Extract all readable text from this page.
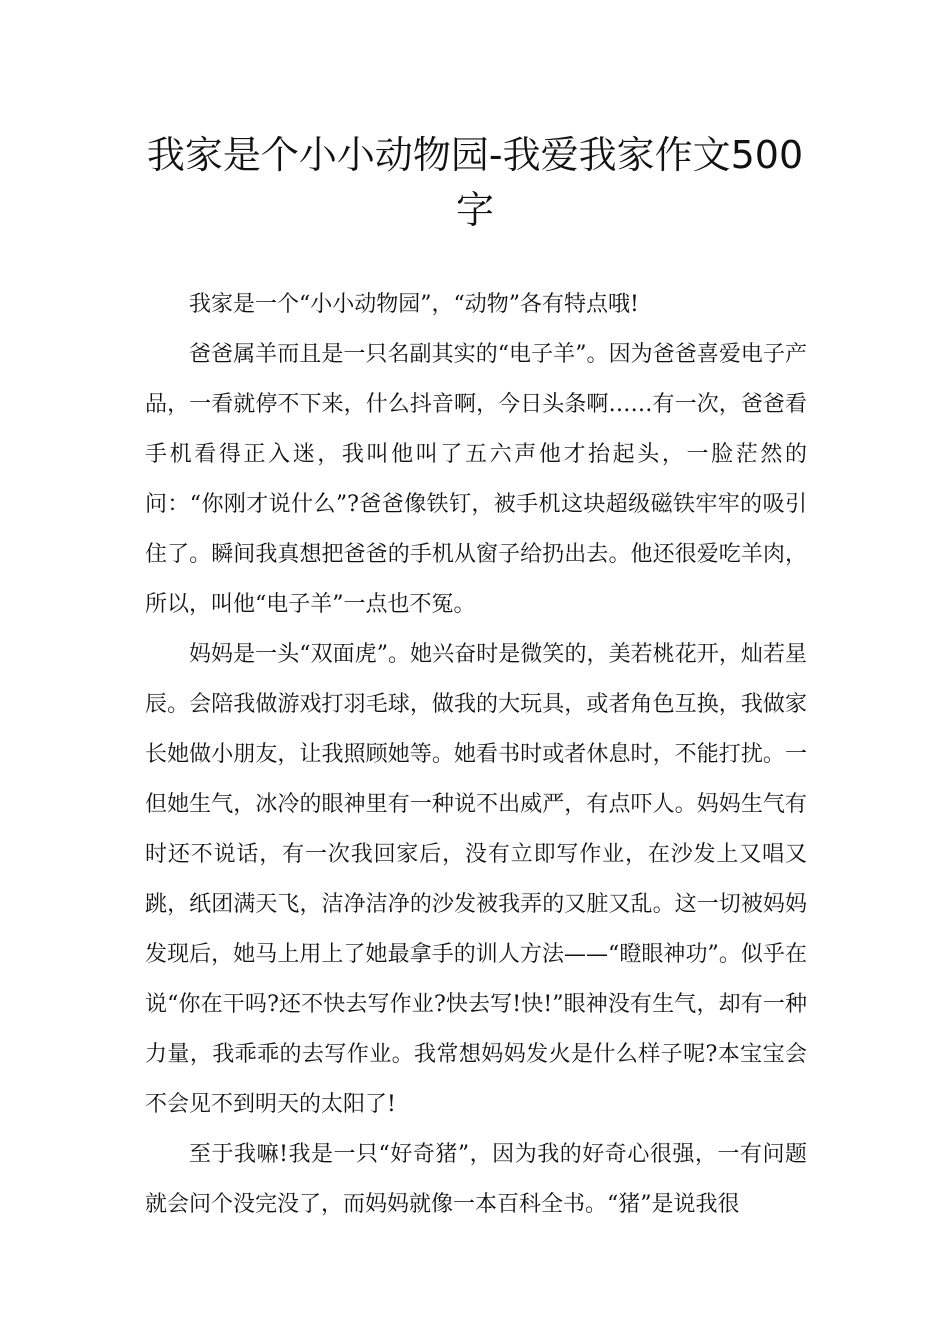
我家是个小小动物园-我爱我家作文500字

我家是一个“小小动物园”，“动物”各有特点哦!

爸爸属羊而且是一只名副其实的“电子羊”。因为爸爸喜爱电子产品，一看就停不下来，什么抖音啊，今日头条啊……有一次，爸爸看手机看得正入迷，我叫他叫了五六声他才抬起头，一脸茫然的问：“你刚才说什么”?爸爸像铁钉，被手机这块超级磁铁牢牢的吸引住了。瞬间我真想把爸爸的手机从窗子给扔出去。他还很爱吃羊肉，所以，叫他“电子羊”一点也不冤。

妈妈是一头“双面虎”。她兴奋时是微笑的，美若桃花开，灿若星辰。会陪我做游戏打羽毛球，做我的大玩具，或者角色互换，我做家长她做小朋友，让我照顾她等。她看书时或者休息时，不能打扰。一但她生气，冰冷的眼神里有一种说不出威严，有点吓人。妈妈生气有时还不说话，有一次我回家后，没有立即写作业，在沙发上又唱又跳，纸团满天飞，洁净洁净的沙发被我弄的又脏又乱。这一切被妈妈发现后，她马上用上了她最拿手的训人方法——“瞪眼神功”。似乎在说“你在干吗?还不快去写作业?快去写!快!”眼神没有生气，却有一种力量，我乖乖的去写作业。我常想妈妈发火是什么样子呢?本宝宝会不会见不到明天的太阳了!

至于我嘛!我是一只“好奇猪”，因为我的好奇心很强，一有问题就会问个没完没了，而妈妈就像一本百科全书。“猪”是说我很
